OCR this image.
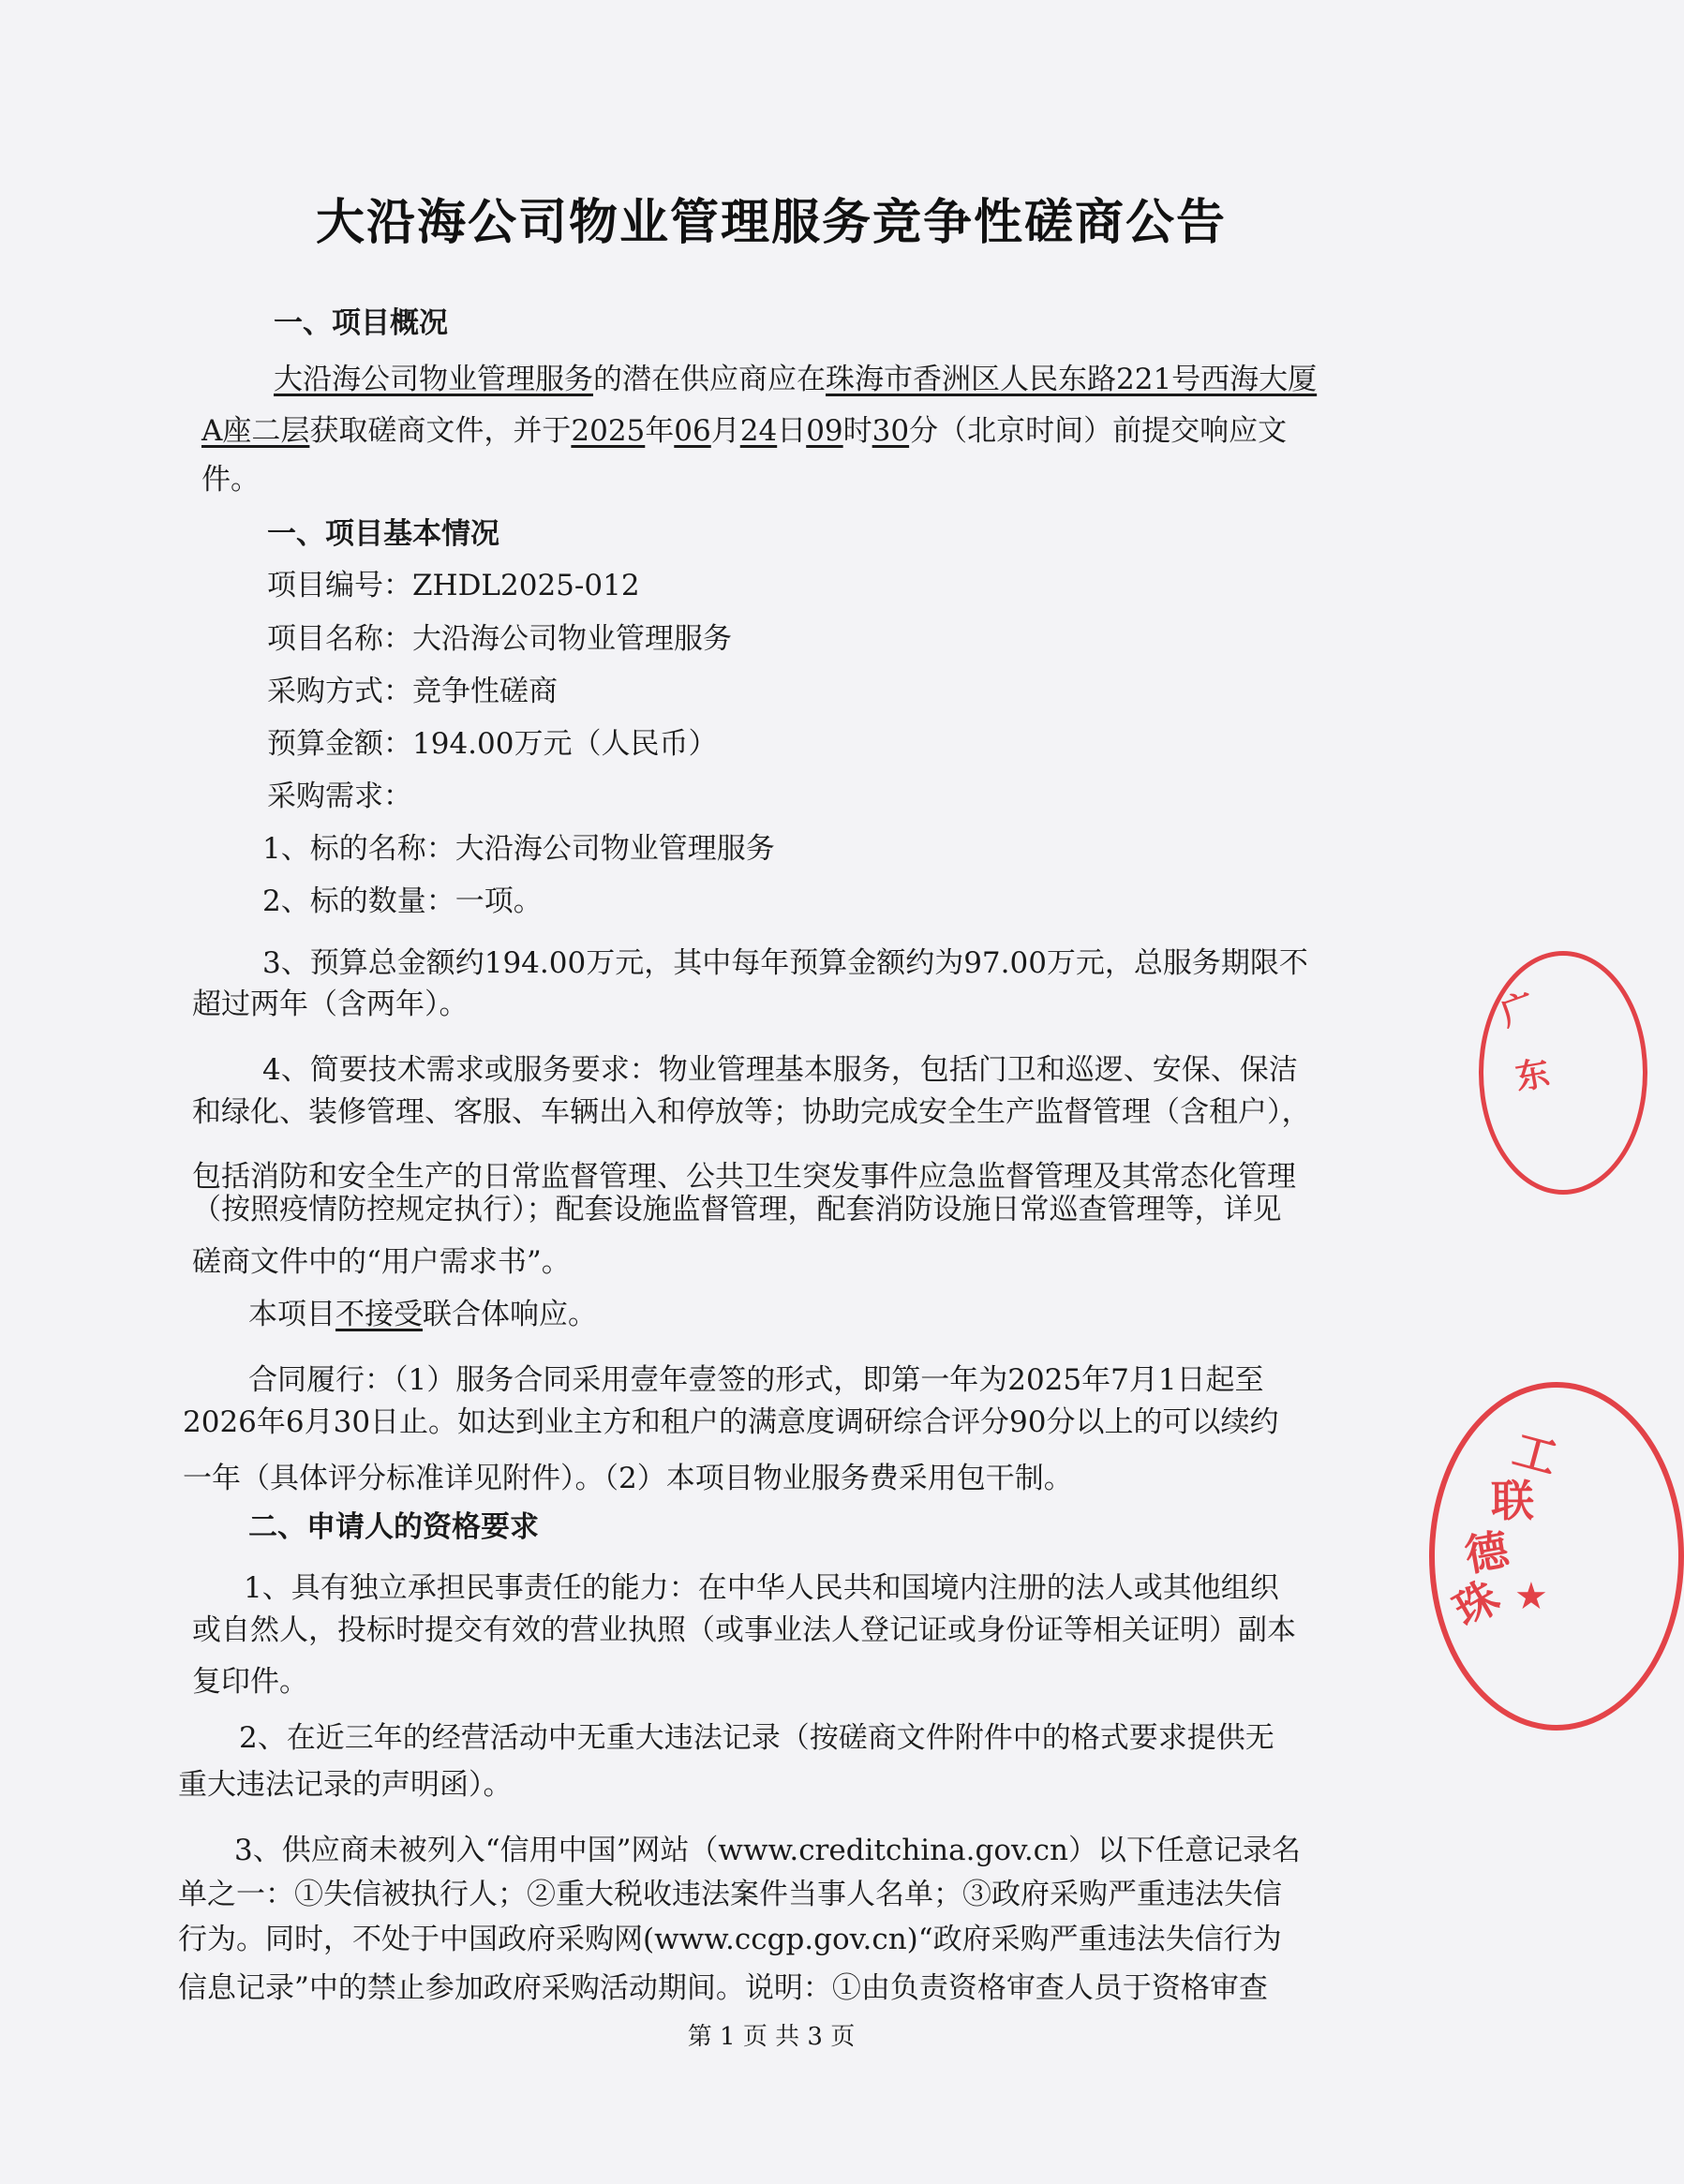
大沿海公司物业管理服务竞争性磋商公告
一、项目概况
大沿海公司物业管理服务的潜在供应商应在珠海市香洲区人民东路221号西海大厦
A座二层获取磋商文件，并于2025年06月24日09时30分（北京时间）前提交响应文
件。
一、项目基本情况
项目编号：ZHDL2025-012
项目名称：大沿海公司物业管理服务
采购方式：竞争性磋商
预算金额：194.00万元（人民币）
采购需求：
1、标的名称：大沿海公司物业管理服务
2、标的数量：一项。
3、预算总金额约194.00万元，其中每年预算金额约为97.00万元，总服务期限不
超过两年（含两年）。
4、简要技术需求或服务要求：物业管理基本服务，包括门卫和巡逻、安保、保洁
和绿化、装修管理、客服、车辆出入和停放等；协助完成安全生产监督管理（含租户），
包括消防和安全生产的日常监督管理、公共卫生突发事件应急监督管理及其常态化管理
（按照疫情防控规定执行）；配套设施监督管理，配套消防设施日常巡查管理等，详见
磋商文件中的“用户需求书”。
本项目不接受联合体响应。
合同履行：（1）服务合同采用壹年壹签的形式，即第一年为2025年7月1日起至
2026年6月30日止。如达到业主方和租户的满意度调研综合评分90分以上的可以续约
一年（具体评分标准详见附件）。（2）本项目物业服务费采用包干制。
二、申请人的资格要求
1、具有独立承担民事责任的能力：在中华人民共和国境内注册的法人或其他组织
或自然人，投标时提交有效的营业执照（或事业法人登记证或身份证等相关证明）副本
复印件。
2、在近三年的经营活动中无重大违法记录（按磋商文件附件中的格式要求提供无
重大违法记录的声明函）。
3、供应商未被列入“信用中国”网站（www.creditchina.gov.cn）以下任意记录名
单之一：①失信被执行人；②重大税收违法案件当事人名单；③政府采购严重违法失信
行为。同时，不处于中国政府采购网(www.ccgp.gov.cn)“政府采购严重违法失信行为
信息记录”中的禁止参加政府采购活动期间。说明：①由负责资格审查人员于资格审查
第 1 页 共 3 页
广
东
珠
德
联
工
★
